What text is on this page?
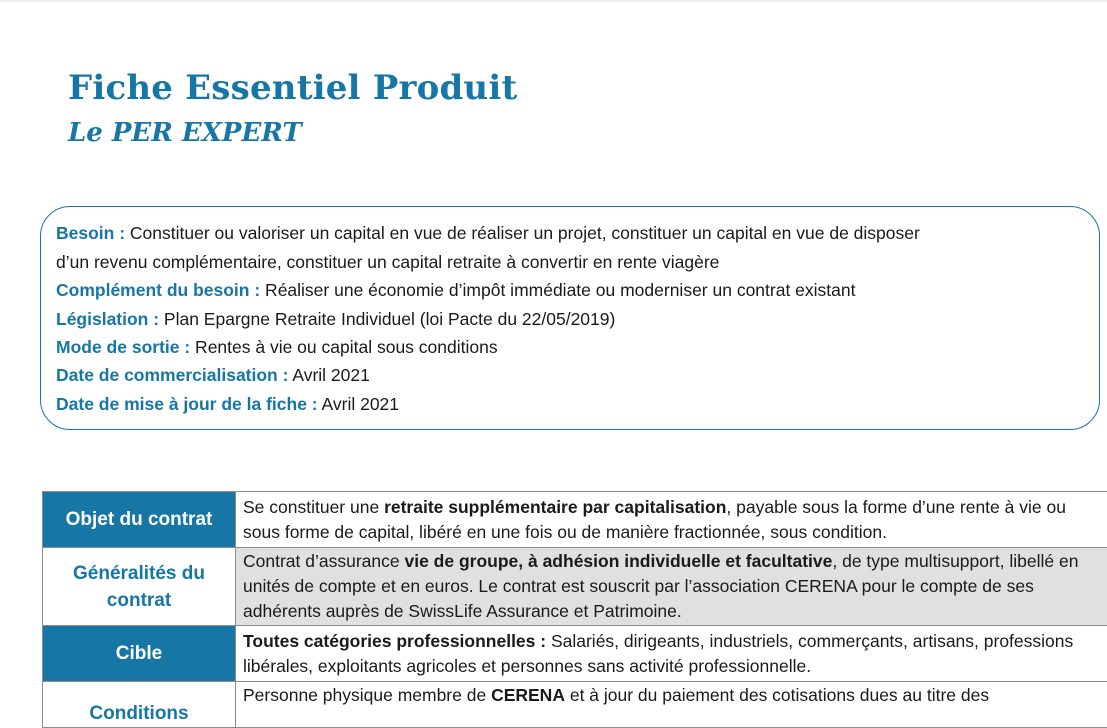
Fiche Essentiel Produit
Le PER EXPERT
Besoin : Constituer ou valoriser un capital en vue de réaliser un projet, constituer un capital en vue de disposer
d’un revenu complémentaire, constituer un capital retraite à convertir en rente viagère
Complément du besoin : Réaliser une économie d’impôt immédiate ou moderniser un contrat existant
Législation : Plan Epargne Retraite Individuel (loi Pacte du 22/05/2019)
Mode de sortie : Rentes à vie ou capital sous conditions
Date de commercialisation : Avril 2021
Date de mise à jour de la fiche : Avril 2021
Objet du contrat	Se constituer une retraite supplémentaire par capitalisation, payable sous la forme d’une rente à vie ou sous forme de capital, libéré en une fois ou de manière fractionnée, sous condition.
Généralités du contrat	Contrat d’assurance vie de groupe, à adhésion individuelle et facultative, de type multisupport, libellé en unités de compte et en euros. Le contrat est souscrit par l’association CERENA pour le compte de ses adhérents auprès de SwissLife Assurance et Patrimoine.
Cible	Toutes catégories professionnelles : Salariés, dirigeants, industriels, commerçants, artisans, professions libérales, exploitants agricoles et personnes sans activité professionnelle.
Conditions	Personne physique membre de CERENA et à jour du paiement des cotisations dues au titre des
